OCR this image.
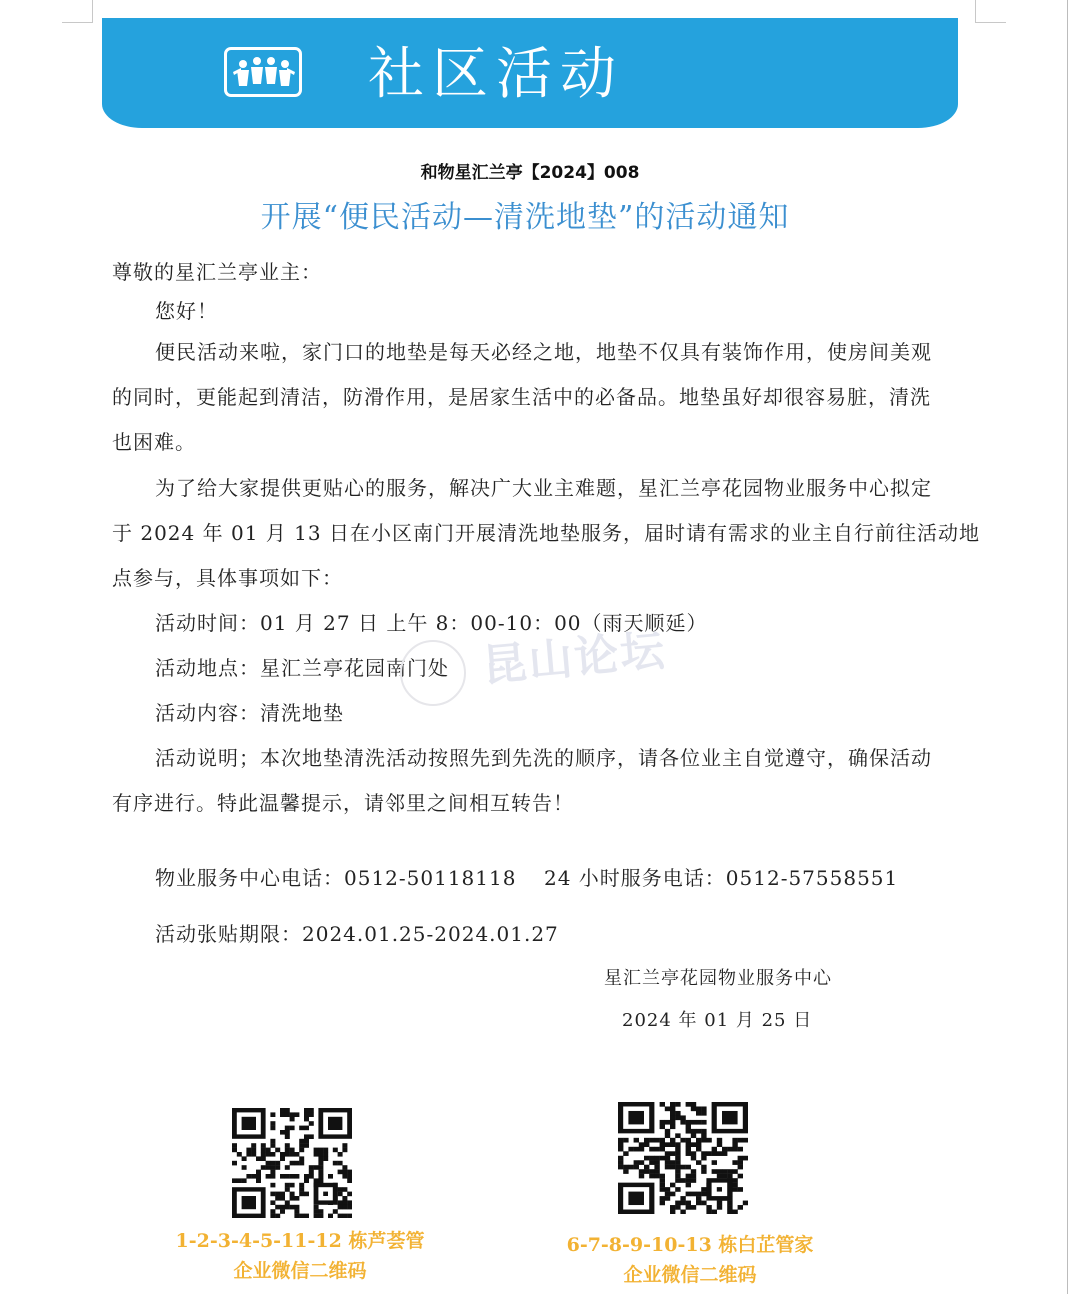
社区活动
和物星汇兰亭【2024】008
开展“便民活动—清洗地垫”的活动通知
尊敬的星汇兰亭业主：
您好！
便民活动来啦，家门口的地垫是每天必经之地，地垫不仅具有装饰作用，使房间美观
的同时，更能起到清洁，防滑作用，是居家生活中的必备品。地垫虽好却很容易脏，清洗
也困难。
为了给大家提供更贴心的服务，解决广大业主难题，星汇兰亭花园物业服务中心拟定
于 2024 年 01 月 13 日在小区南门开展清洗地垫服务，届时请有需求的业主自行前往活动地
点参与，具体事项如下：
活动时间：01 月 27 日 上午 8：00-10：00（雨天顺延）
活动地点：星汇兰亭花园南门处
活动内容：清洗地垫
活动说明；本次地垫清洗活动按照先到先洗的顺序，请各位业主自觉遵守，确保活动
有序进行。特此温馨提示，请邻里之间相互转告！
物业服务中心电话：0512-50118118 24 小时服务电话：0512-57558551
活动张贴期限：2024.01.25-2024.01.27
星汇兰亭花园物业服务中心
2024 年 01 月 25 日
昆山论坛
1-2-3-4-5-11-12 栋芦荟管
企业微信二维码
6-7-8-9-10-13 栋白芷管家
企业微信二维码
